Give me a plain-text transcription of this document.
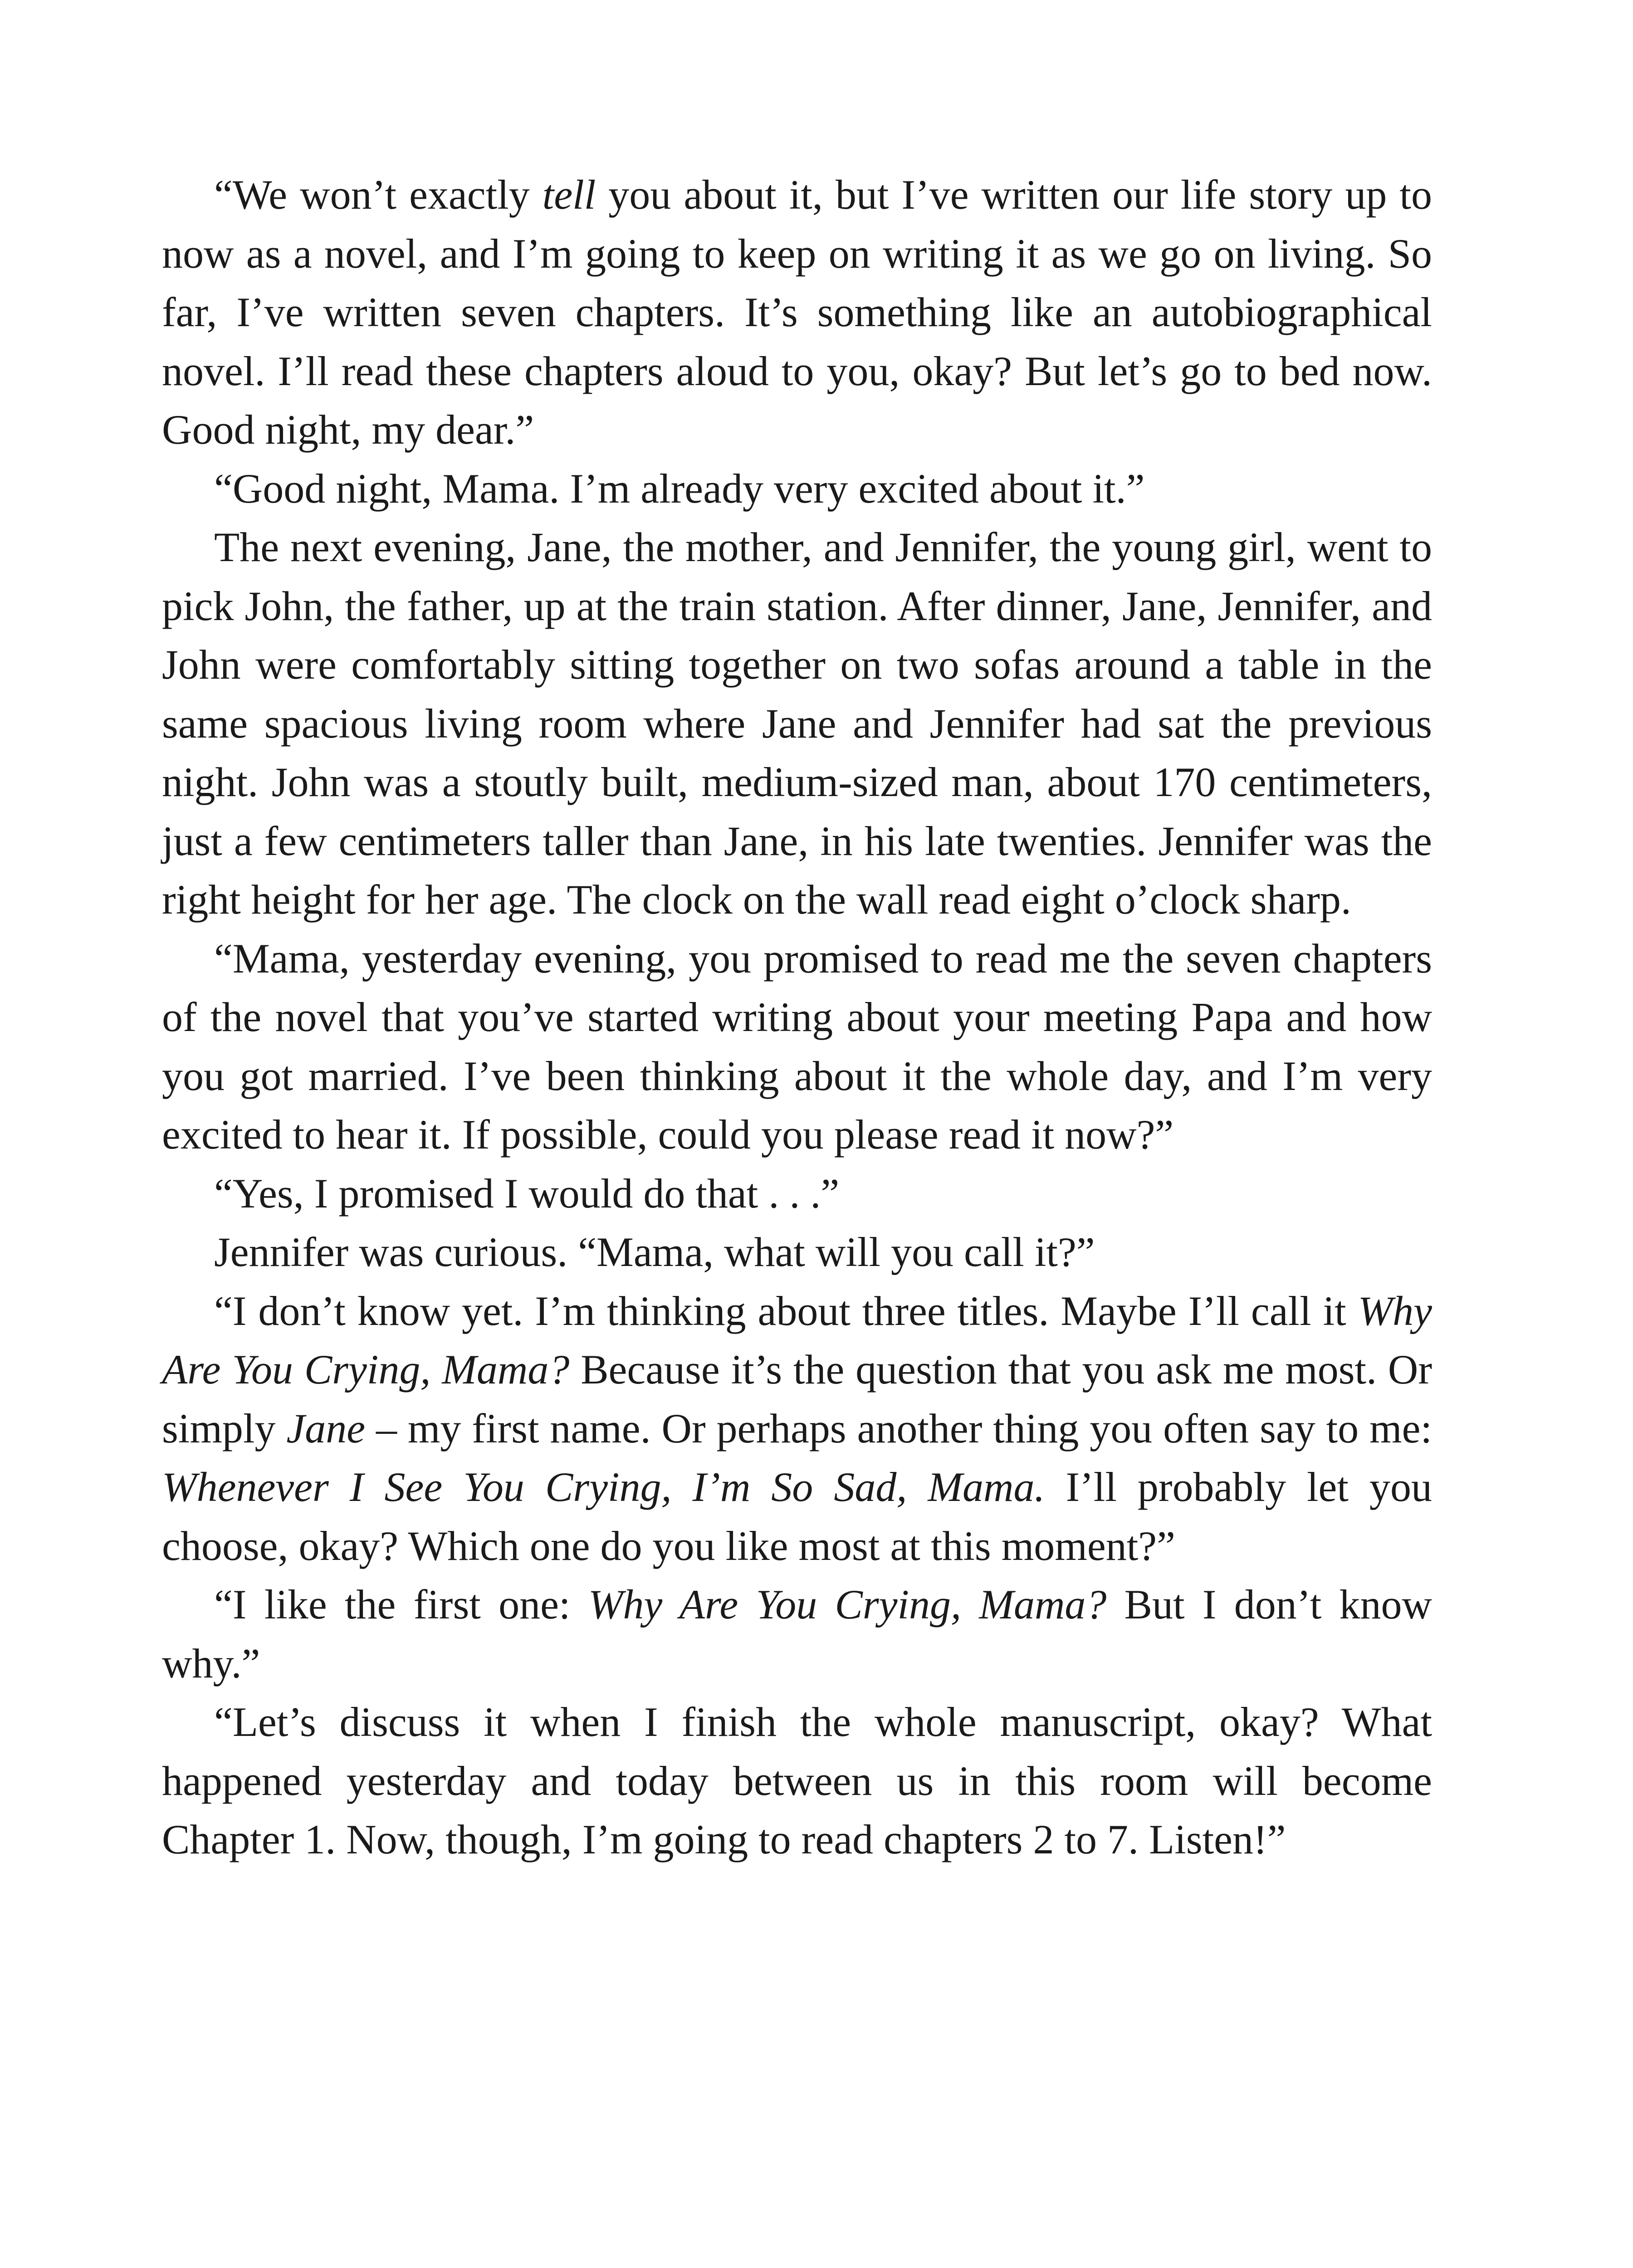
“We won’t exactly tell you about it, but I’ve written our life story up to now as a novel, and I’m going to keep on writing it as we go on living. So far, I’ve written seven chapters. It’s something like an autobiographical novel. I’ll read these chapters aloud to you, okay? But let’s go to bed now. Good night, my dear.”

“Good night, Mama. I’m already very excited about it.”

The next evening, Jane, the mother, and Jennifer, the young girl, went to pick John, the father, up at the train station. After dinner, Jane, Jennifer, and John were comfortably sitting together on two sofas around a table in the same spacious living room where Jane and Jennifer had sat the previous night. John was a stoutly built, medium-sized man, about 170 centimeters, just a few centimeters taller than Jane, in his late twenties. Jennifer was the right height for her age. The clock on the wall read eight o’clock sharp.

“Mama, yesterday evening, you promised to read me the seven chapters of the novel that you’ve started writing about your meeting Papa and how you got married. I’ve been thinking about it the whole day, and I’m very excited to hear it. If possible, could you please read it now?”

“Yes, I promised I would do that . . .”

Jennifer was curious. “Mama, what will you call it?”

“I don’t know yet. I’m thinking about three titles. Maybe I’ll call it Why Are You Crying, Mama? Because it’s the question that you ask me most. Or simply Jane – my first name. Or perhaps another thing you often say to me: Whenever I See You Crying, I’m So Sad, Mama. I’ll probably let you choose, okay? Which one do you like most at this moment?”

“I like the first one: Why Are You Crying, Mama? But I don’t know why.”

“Let’s discuss it when I finish the whole manuscript, okay? What happened yesterday and today between us in this room will become Chapter 1. Now, though, I’m going to read chapters 2 to 7. Listen!”
